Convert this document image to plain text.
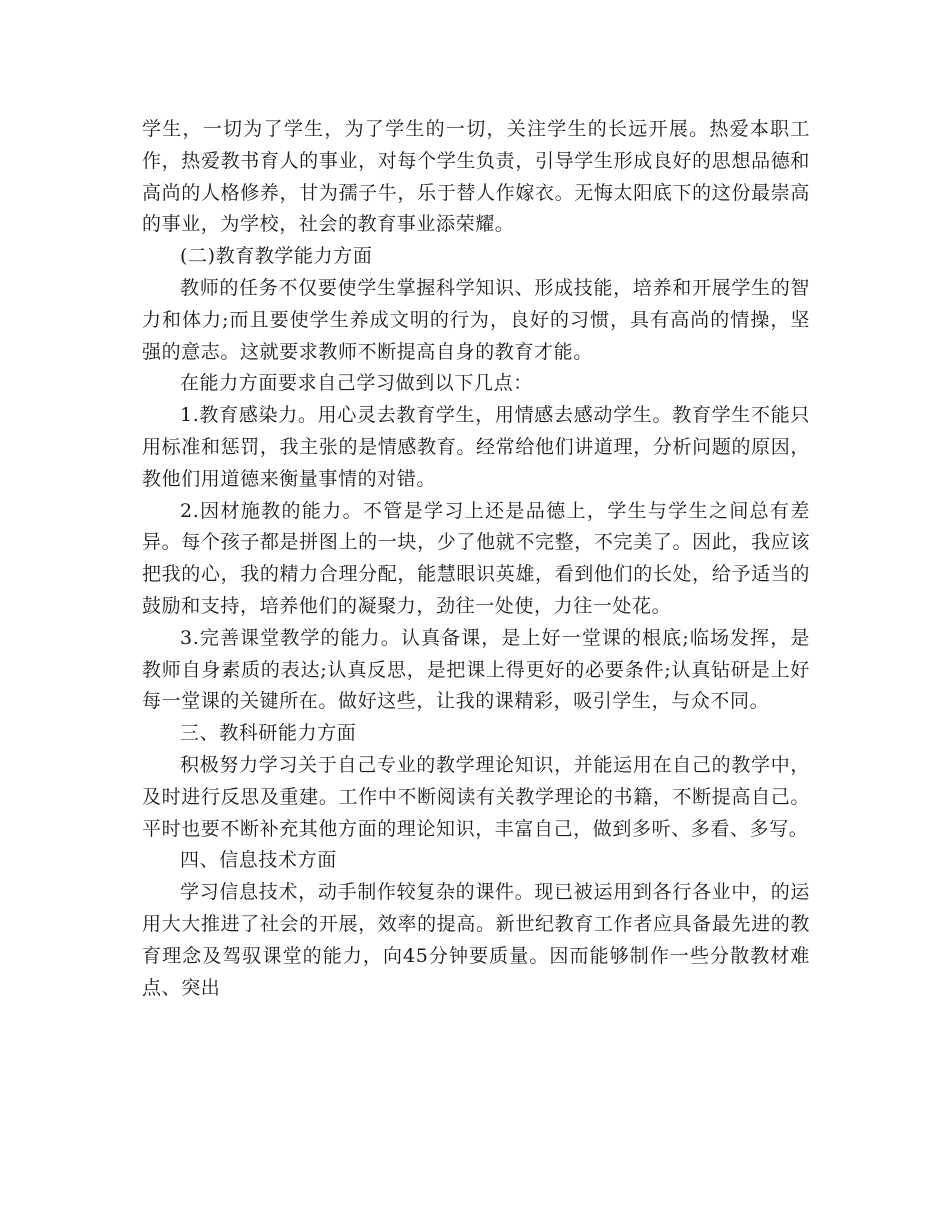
学生，一切为了学生，为了学生的一切，关注学生的长远开展。热爱本职工作，热爱教书育人的事业，对每个学生负责，引导学生形成良好的思想品德和高尚的人格修养，甘为孺子牛，乐于替人作嫁衣。无悔太阳底下的这份最崇高的事业，为学校，社会的教育事业添荣耀。

(二)教育教学能力方面

教师的任务不仅要使学生掌握科学知识、形成技能，培养和开展学生的智力和体力;而且要使学生养成文明的行为，良好的习惯，具有高尚的情操，坚强的意志。这就要求教师不断提高自身的教育才能。

在能力方面要求自己学习做到以下几点：

1.教育感染力。用心灵去教育学生，用情感去感动学生。教育学生不能只用标准和惩罚，我主张的是情感教育。经常给他们讲道理，分析问题的原因，教他们用道德来衡量事情的对错。

2.因材施教的能力。不管是学习上还是品德上，学生与学生之间总有差异。每个孩子都是拼图上的一块，少了他就不完整，不完美了。因此，我应该把我的心，我的精力合理分配，能慧眼识英雄，看到他们的长处，给予适当的鼓励和支持，培养他们的凝聚力，劲往一处使，力往一处花。

3.完善课堂教学的能力。认真备课，是上好一堂课的根底;临场发挥，是教师自身素质的表达;认真反思，是把课上得更好的必要条件;认真钻研是上好每一堂课的关键所在。做好这些，让我的课精彩，吸引学生，与众不同。

三、教科研能力方面

积极努力学习关于自己专业的教学理论知识，并能运用在自己的教学中，及时进行反思及重建。工作中不断阅读有关教学理论的书籍，不断提高自己。平时也要不断补充其他方面的理论知识，丰富自己，做到多听、多看、多写。

四、信息技术方面

学习信息技术，动手制作较复杂的课件。现已被运用到各行各业中，的运用大大推进了社会的开展，效率的提高。新世纪教育工作者应具备最先进的教育理念及驾驭课堂的能力，向45分钟要质量。因而能够制作一些分散教材难点、突出
